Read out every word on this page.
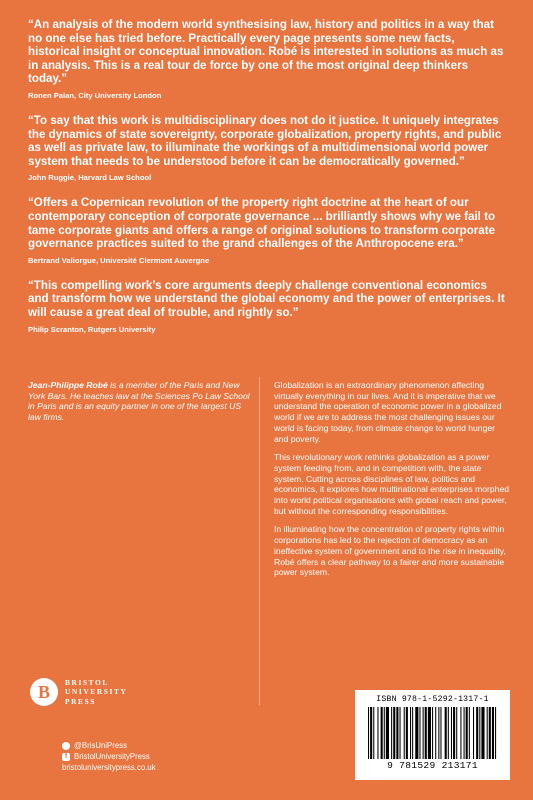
“An analysis of the modern world synthesising law, history and politics in a way that no one else has tried before. Practically every page presents some new facts, historical insight or conceptual innovation. Robé is interested in solutions as much as in analysis. This is a real tour de force by one of the most original deep thinkers today.”

Ronen Palan, City University London

“To say that this work is multidisciplinary does not do it justice. It uniquely integrates the dynamics of state sovereignty, corporate globalization, property rights, and public as well as private law, to illuminate the workings of a multidimensional world power system that needs to be understood before it can be democratically governed.”

John Ruggie, Harvard Law School

“Offers a Copernican revolution of the property right doctrine at the heart of our contemporary conception of corporate governance ... brilliantly shows why we fail to tame corporate giants and offers a range of original solutions to transform corporate governance practices suited to the grand challenges of the Anthropocene era.”

Bertrand Valiorgue, Université Clermont Auvergne

“This compelling work’s core arguments deeply challenge conventional economics and transform how we understand the global economy and the power of enterprises. It will cause a great deal of trouble, and rightly so.”

Philip Scranton, Rutgers University
Jean-Philippe Robé is a member of the Paris and New York Bars. He teaches law at the Sciences Po Law School in Paris and is an equity partner in one of the largest US law firms.

Globalization is an extraordinary phenomenon affecting virtually everything in our lives. And it is imperative that we understand the operation of economic power in a globalized world if we are to address the most challenging issues our world is facing today, from climate change to world hunger and poverty.

This revolutionary work rethinks globalization as a power system feeding from, and in competition with, the state system. Cutting across disciplines of law, politics and economics, it explores how multinational enterprises morphed into world political organisations with global reach and power, but without the corresponding responsibilities.

In illuminating how the concentration of property rights within corporations has led to the rejection of democracy as an ineffective system of government and to the rise in inequality, Robé offers a clear pathway to a fairer and more sustainable power system.

B BRISTOL
UNIVERSITY
PRESS
@BrisUniPress
f BristolUniversityPress
bristoluniversitypress.co.uk
ISBN 978-1-5292-1317-1
9 781529 213171
